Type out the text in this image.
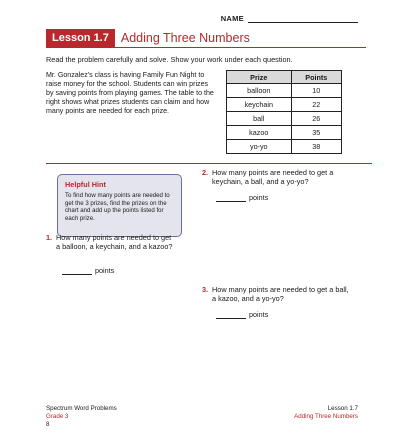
NAME
Lesson 1.7 Adding Three Numbers
Read the problem carefully and solve. Show your work under each question.
Mr. Gonzalez's class is having Family Fun Night to raise money for the school. Students can win prizes by saving points from playing games. The table to the right shows what prizes students can claim and how many points are needed for each prize.
Prize	Points
balloon	10
keychain	22
ball	26
kazoo	35
yo-yo	38
Helpful Hint
To find how many points are needed to get the 3 prizes, find the prizes on the chart and add up the points listed for each prize.
1. How many points are needed to get a balloon, a keychain, and a kazoo?
points
2. How many points are needed to get a keychain, a ball, and a yo-yo?
points
3. How many points are needed to get a ball, a kazoo, and a yo-yo?
points
Spectrum Word Problems
Grade 3
8
Lesson 1.7
Adding Three Numbers
